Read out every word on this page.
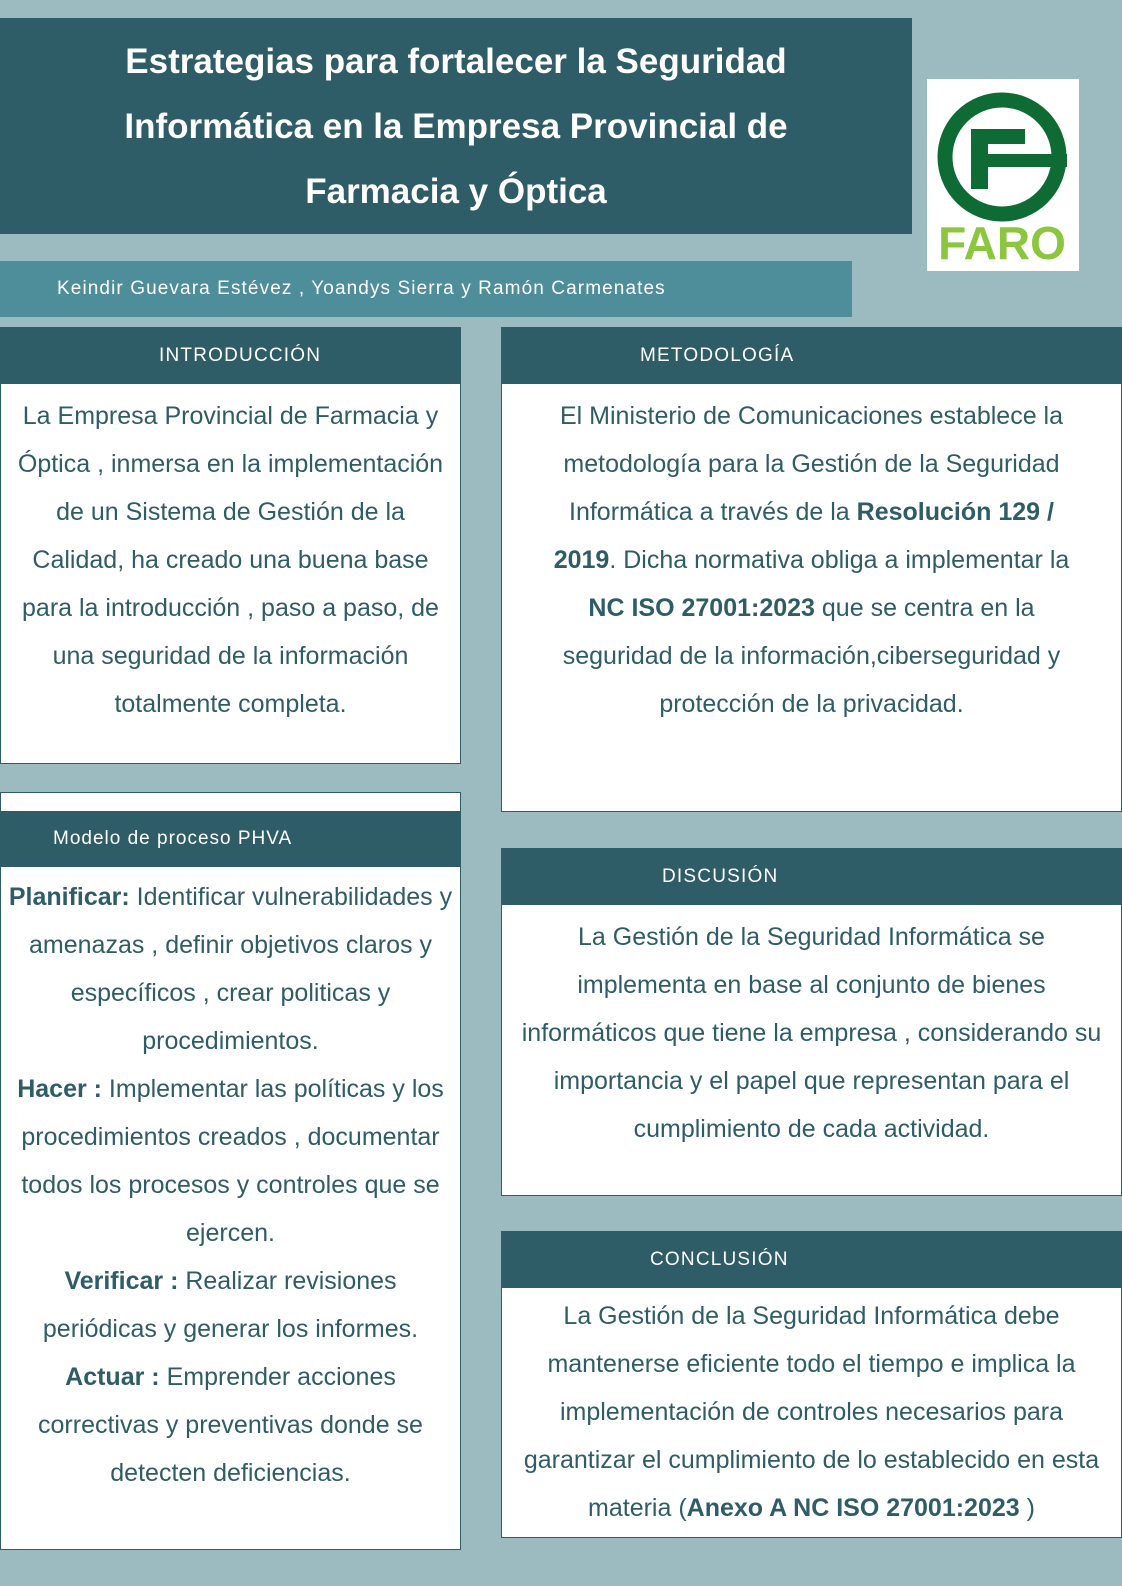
Estrategias para fortalecer la Seguridad Informática en la Empresa Provincial de Farmacia y Óptica
FARO
Keindir Guevara Estévez , Yoandys Sierra y Ramón Carmenates
INTRODUCCIÓN

La Empresa Provincial de Farmacia y Óptica , inmersa en la implementación de un Sistema de Gestión de la Calidad, ha creado una buena base para la introducción , paso a paso, de una seguridad de la información totalmente completa.

METODOLOGÍA

El Ministerio de Comunicaciones establece la metodología para la Gestión de la Seguridad Informática a través de la Resolución 129 / 2019. Dicha normativa obliga a implementar la NC ISO 27001:2023 que se centra en la seguridad de la información,ciberseguridad y protección de la privacidad.

Modelo de proceso PHVA

Planificar: Identificar vulnerabilidades y amenazas , definir objetivos claros y específicos , crear politicas y procedimientos.
Hacer : Implementar las políticas y los procedimientos creados , documentar todos los procesos y controles que se ejercen.
Verificar : Realizar revisiones periódicas y generar los informes.
Actuar : Emprender acciones correctivas y preventivas donde se detecten deficiencias.

DISCUSIÓN

La Gestión de la Seguridad Informática se implementa en base al conjunto de bienes informáticos que tiene la empresa , considerando su importancia y el papel que representan para el cumplimiento de cada actividad.

CONCLUSIÓN

La Gestión de la Seguridad Informática debe mantenerse eficiente todo el tiempo e implica la implementación de controles necesarios para garantizar el cumplimiento de lo establecido en esta materia (Anexo A NC ISO 27001:2023 )
